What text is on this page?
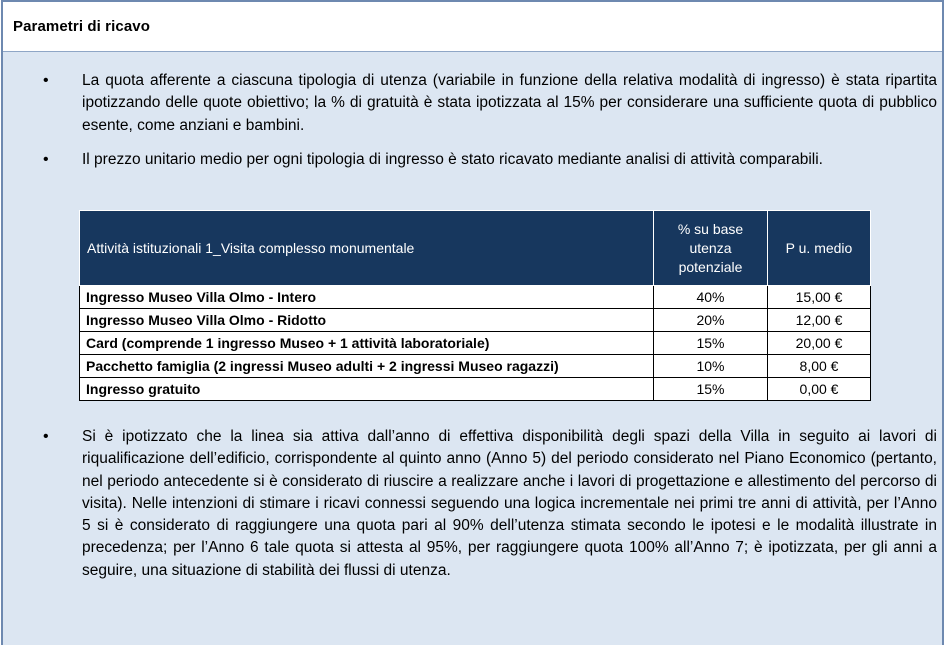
Parametri di ricavo
•	La quota afferente a ciascuna tipologia di utenza (variabile in funzione della relativa modalità di ingresso) è stata ripartita ipotizzando delle quote obiettivo; la % di gratuità è stata ipotizzata al 15% per considerare una sufficiente quota di pubblico esente, come anziani e bambini.

•	Il prezzo unitario medio per ogni tipologia di ingresso è stato ricavato mediante analisi di attività comparabili.

Attività istituzionali 1_Visita complesso monumentale	% su base utenza potenziale	P u. medio
Ingresso Museo Villa Olmo - Intero	40%	15,00 €
Ingresso Museo Villa Olmo - Ridotto	20%	12,00 €
Card (comprende 1 ingresso Museo + 1 attività laboratoriale)	15%	20,00 €
Pacchetto famiglia (2 ingressi Museo adulti + 2 ingressi Museo ragazzi)	10%	8,00 €
Ingresso gratuito	15%	0,00 €
•	Si è ipotizzato che la linea sia attiva dall’anno di effettiva disponibilità degli spazi della Villa in seguito ai lavori di riqualificazione dell’edificio, corrispondente al quinto anno (Anno 5) del periodo considerato nel Piano Economico (pertanto, nel periodo antecedente si è considerato di riuscire a realizzare anche i lavori di progettazione e allestimento del percorso di visita). Nelle intenzioni di stimare i ricavi connessi seguendo una logica incrementale nei primi tre anni di attività, per l’Anno 5 si è considerato di raggiungere una quota pari al 90% dell’utenza stimata secondo le ipotesi e le modalità illustrate in precedenza; per l’Anno 6 tale quota si attesta al 95%, per raggiungere quota 100% all’Anno 7; è ipotizzata, per gli anni a seguire, una situazione di stabilità dei flussi di utenza.
